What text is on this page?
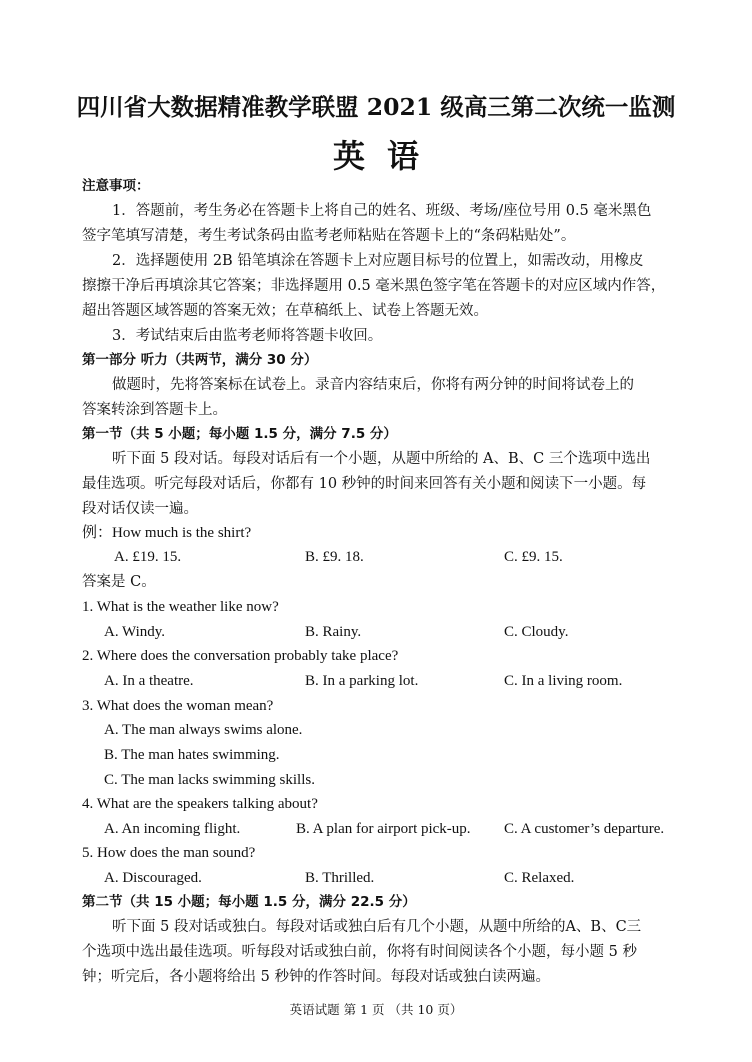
四川省大数据精准教学联盟 2021 级高三第二次统一监测
英语
注意事项：
1．答题前，考生务必在答题卡上将自己的姓名、班级、考场/座位号用 0.5 毫米黑色
签字笔填写清楚，考生考试条码由监考老师粘贴在答题卡上的“条码粘贴处”。
2．选择题使用 2B 铅笔填涂在答题卡上对应题目标号的位置上，如需改动，用橡皮
擦擦干净后再填涂其它答案；非选择题用 0.5 毫米黑色签字笔在答题卡的对应区域内作答，
超出答题区域答题的答案无效；在草稿纸上、试卷上答题无效。
3．考试结束后由监考老师将答题卡收回。
第一部分 听力（共两节，满分 30 分）
做题时，先将答案标在试卷上。录音内容结束后，你将有两分钟的时间将试卷上的
答案转涂到答题卡上。
第一节（共 5 小题；每小题 1.5 分，满分 7.5 分）
听下面 5 段对话。每段对话后有一个小题，从题中所给的 A、B、C 三个选项中选出
最佳选项。听完每段对话后，你都有 10 秒钟的时间来回答有关小题和阅读下一小题。每
段对话仅读一遍。
例：How much is the shirt?
A. £19. 15.	B. £9. 18.	C. £9. 15.
答案是 C。
1. What is the weather like now?
A. Windy.	B. Rainy.	C. Cloudy.
2. Where does the conversation probably take place?
A. In a theatre.	B. In a parking lot.	C. In a living room.
3. What does the woman mean?
A. The man always swims alone.
B. The man hates swimming.
C. The man lacks swimming skills.
4. What are the speakers talking about?
A. An incoming flight.	B. A plan for airport pick-up. C. A customer’s departure.
5. How does the man sound?
A. Discouraged.	B. Thrilled.	C. Relaxed.
第二节（共 15 小题；每小题 1.5 分，满分 22.5 分）
听下面 5 段对话或独白。每段对话或独白后有几个小题，从题中所给的A、B、C三
个选项中选出最佳选项。听每段对话或独白前，你将有时间阅读各个小题，每小题 5 秒
钟；听完后，各小题将给出 5 秒钟的作答时间。每段对话或独白读两遍。
英语试题 第 1 页 （共 10 页）
